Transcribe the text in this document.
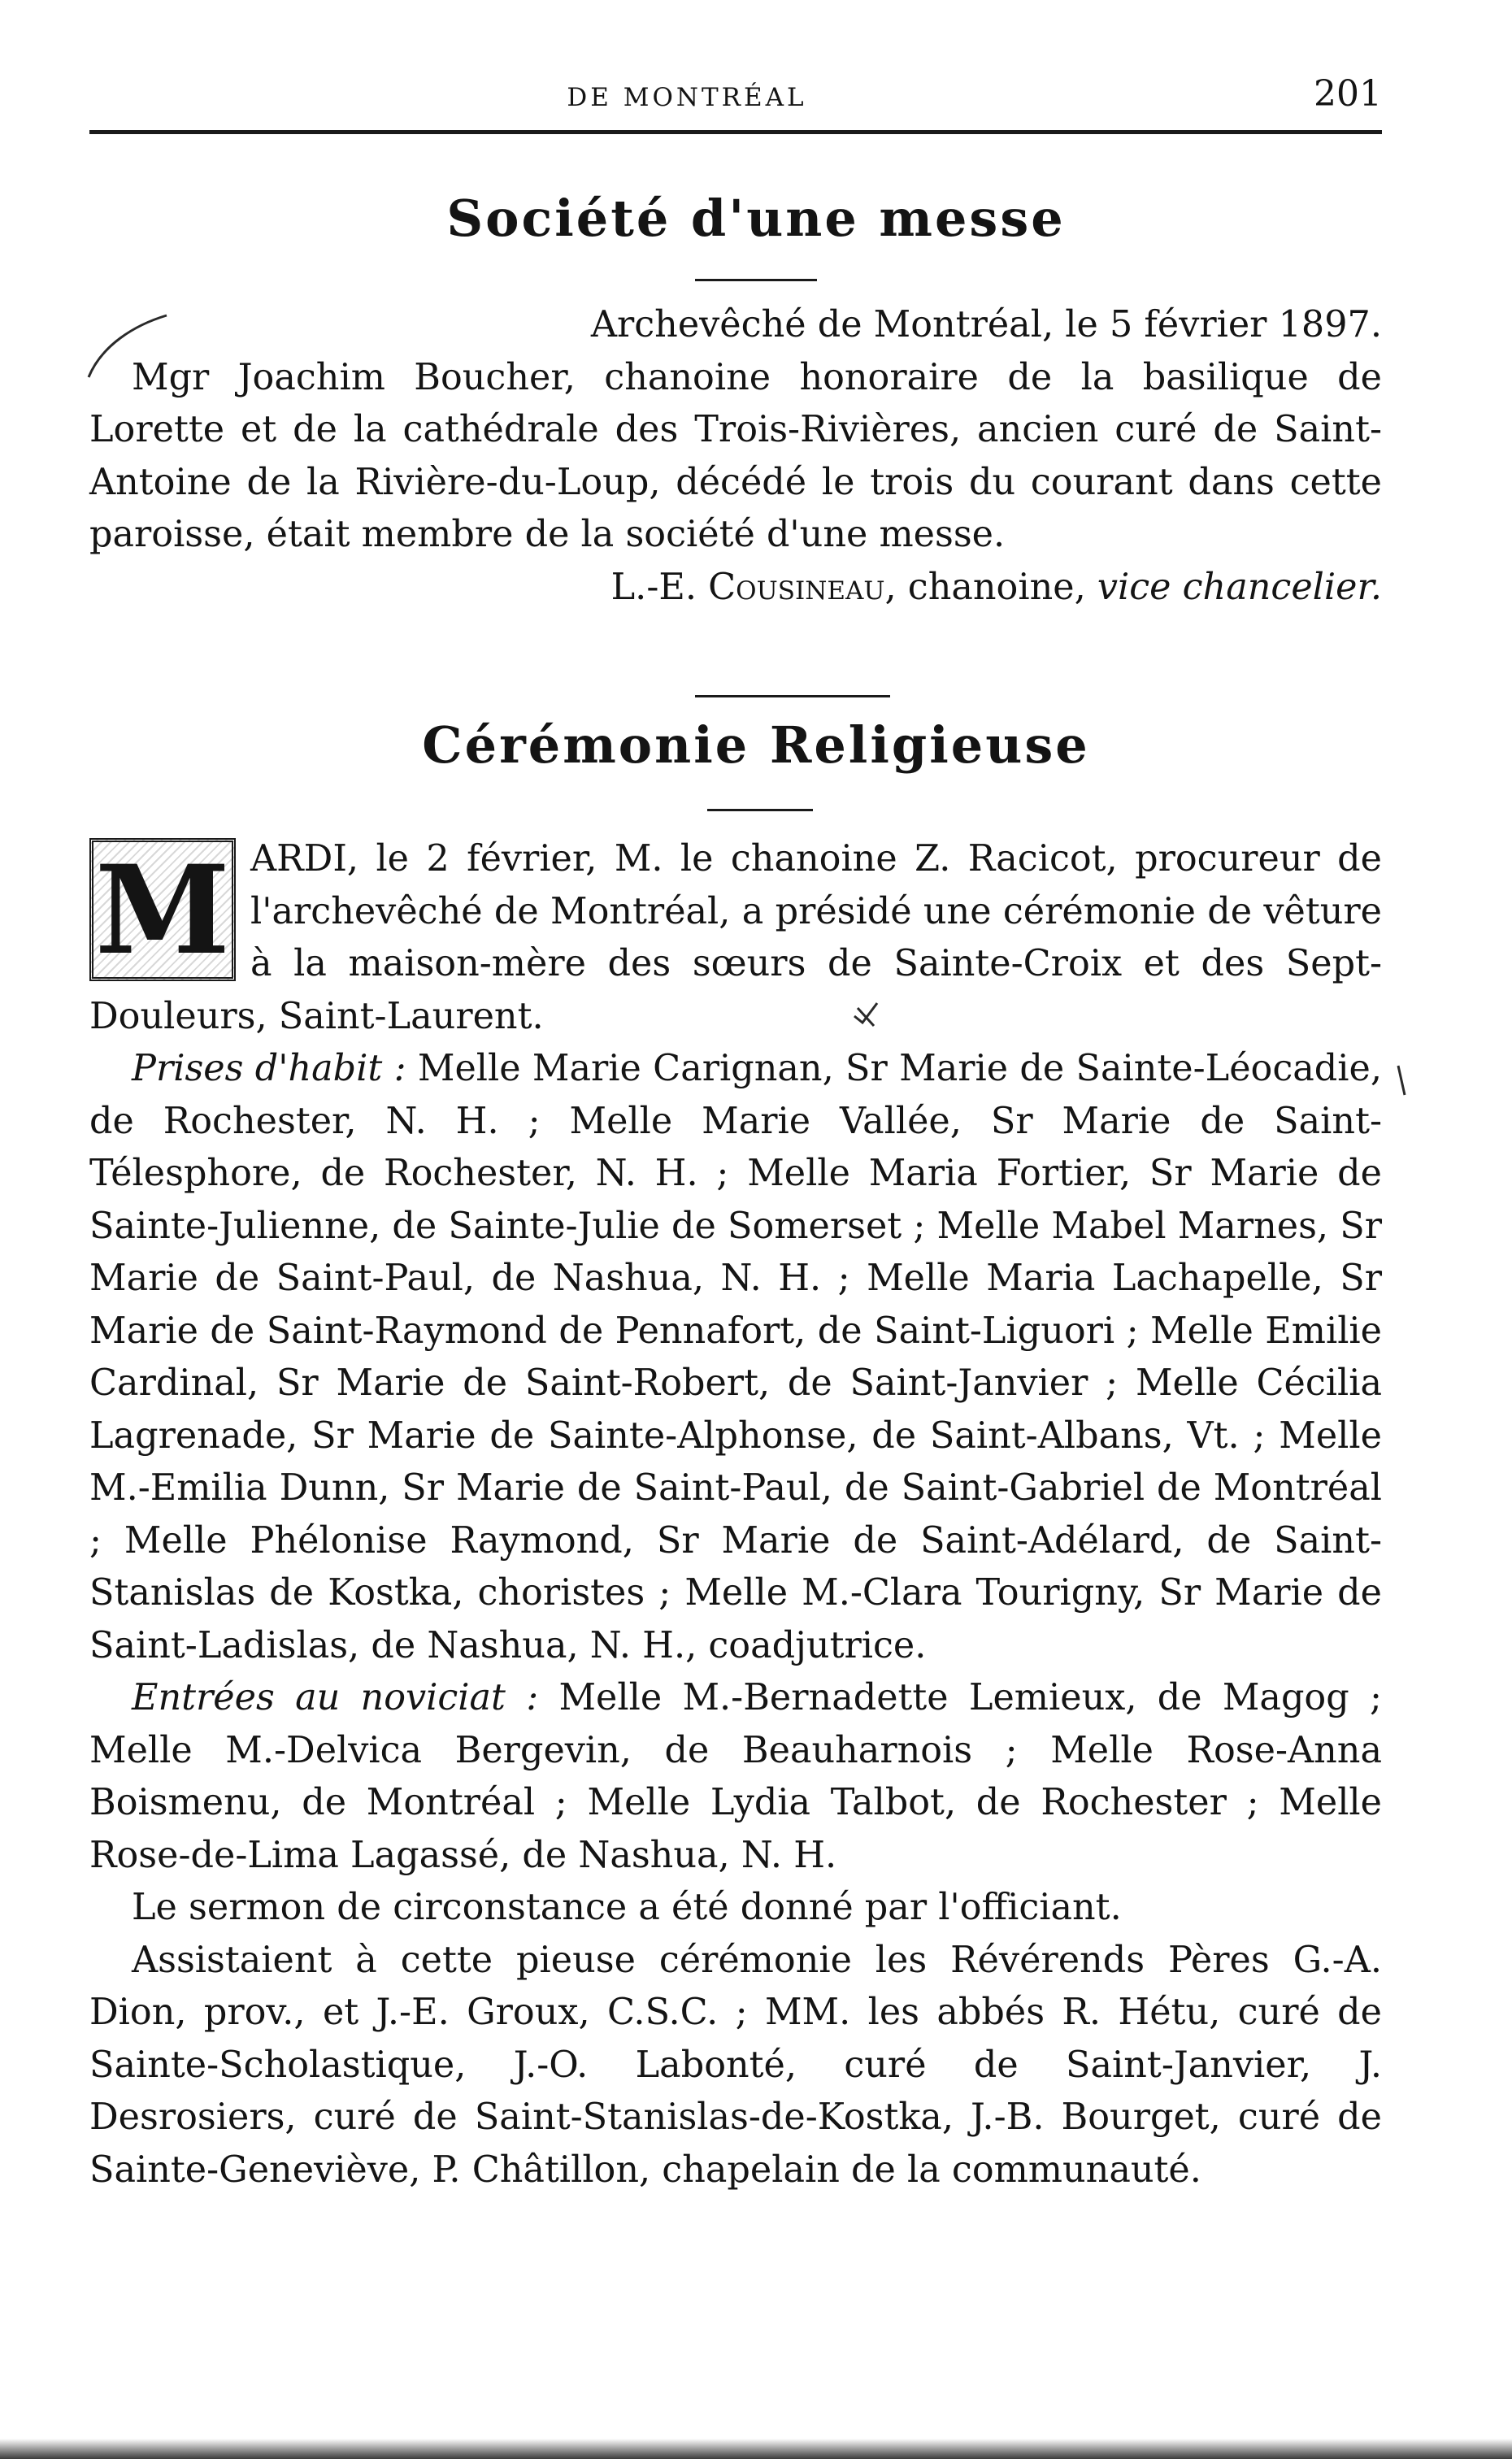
DE MONTRÉAL	201
Société d'une messe

Archevêché de Montréal, le 5 février 1897.

Mgr Joachim Boucher, chanoine honoraire de la basilique de Lorette et de la cathédrale des Trois-Rivières, ancien curé de Saint-Antoine de la Rivière-du-Loup, décédé le trois du courant dans cette paroisse, était membre de la société d'une messe.

L.-E. Cousineau, chanoine, vice chancelier.

Cérémonie Religieuse
M ARDI, le 2 février, M. le chanoine Z. Racicot, procureur de l'archevêché de Montréal, a présidé une cérémonie de vêture à la maison-mère des sœurs de Sainte-Croix et des Sept-Douleurs, Saint-Laurent.

Prises d'habit : Melle Marie Carignan, Sr Marie de Sainte-Léocadie, de Rochester, N. H. ; Melle Marie Vallée, Sr Marie de Saint-Télesphore, de Rochester, N. H. ; Melle Maria Fortier, Sr Marie de Sainte-Julienne, de Sainte-Julie de Somerset ; Melle Mabel Marnes, Sr Marie de Saint-Paul, de Nashua, N. H. ; Melle Maria Lachapelle, Sr Marie de Saint-Raymond de Pennafort, de Saint-Liguori ; Melle Emilie Cardinal, Sr Marie de Saint-Robert, de Saint-Janvier ; Melle Cécilia Lagrenade, Sr Marie de Sainte-Alphonse, de Saint-Albans, Vt. ; Melle M.-Emilia Dunn, Sr Marie de Saint-Paul, de Saint-Gabriel de Montréal ; Melle Phélonise Raymond, Sr Marie de Saint-Adélard, de Saint-Stanislas de Kostka, choristes ; Melle M.-Clara Tourigny, Sr Marie de Saint-Ladislas, de Nashua, N. H., coadjutrice.

Entrées au noviciat : Melle M.-Bernadette Lemieux, de Magog ; Melle M.-Delvica Bergevin, de Beauharnois ; Melle Rose-Anna Boismenu, de Montréal ; Melle Lydia Talbot, de Rochester ; Melle Rose-de-Lima Lagassé, de Nashua, N. H.

Le sermon de circonstance a été donné par l'officiant.

Assistaient à cette pieuse cérémonie les Révérends Pères G.-A. Dion, prov., et J.-E. Groux, C.S.C. ; MM. les abbés R. Hétu, curé de Sainte-Scholastique, J.-O. Labonté, curé de Saint-Janvier, J. Desrosiers, curé de Saint-Stanislas-de-Kostka, J.-B. Bourget, curé de Sainte-Geneviève, P. Châtillon, chapelain de la communauté.
